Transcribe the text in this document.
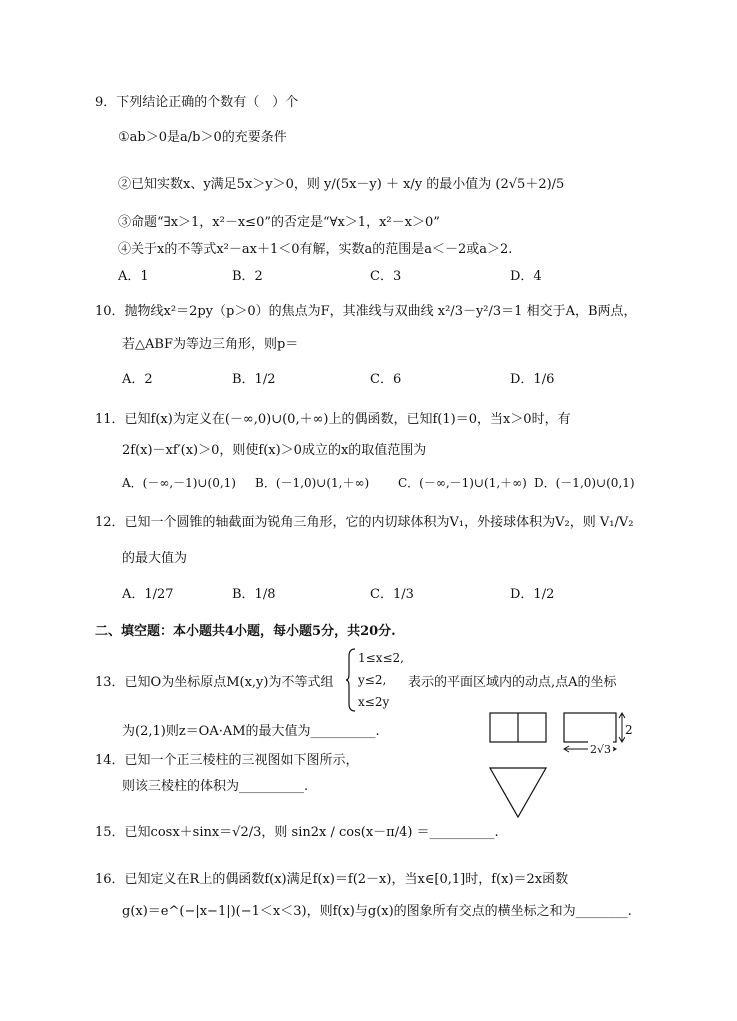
9．下列结论正确的个数有（　）个
①ab＞0是a/b＞0的充要条件
②已知实数x、y满足5x＞y＞0，则 y/(5x－y) ＋ x/y 的最小值为 (2√5＋2)/5
③命题“∃x＞1，x²－x≤0”的否定是“∀x＞1，x²－x＞0”
④关于x的不等式x²－ax＋1＜0有解，实数a的范围是a＜－2或a＞2.
A．1	B．2	C．3	D．4
10．抛物线x²＝2py（p＞0）的焦点为F，其准线与双曲线 x²/3－y²/3＝1 相交于A，B两点，
若△ABF为等边三角形，则p＝
A．2	B．1/2	C．6	D．1/6
11．已知f(x)为定义在(－∞,0)∪(0,＋∞)上的偶函数，已知f(1)＝0，当x＞0时，有
2f(x)－xf′(x)＞0，则使f(x)＞0成立的x的取值范围为
A．(－∞,－1)∪(0,1) B．(－1,0)∪(1,＋∞) C．(－∞,－1)∪(1,＋∞) D．(－1,0)∪(0,1)
12．已知一个圆锥的轴截面为锐角三角形，它的内切球体积为V₁，外接球体积为V₂，则 V₁/V₂
的最大值为
A．1/27	B．1/8	C．1/3	D．1/2
二、填空题：本小题共4小题，每小题5分，共20分.
13．已知O为坐标原点M(x,y)为不等式组
1≤x≤2,
y≤2,
x≤2y
表示的平面区域内的动点,点A的坐标
为(2,1)则z＝OA·AM的最大值为__________.
14．已知一个正三棱柱的三视图如下图所示，
则该三棱柱的体积为__________.
2
2√3
15．已知cosx＋sinx＝√2/3，则 sin2x / cos(x－π/4) ＝__________.
16．已知定义在R上的偶函数f(x)满足f(x)＝f(2－x)，当x∈[0,1]时，f(x)＝2x函数
g(x)＝e^(−|x−1|)(−1＜x＜3)，则f(x)与g(x)的图象所有交点的横坐标之和为________.
